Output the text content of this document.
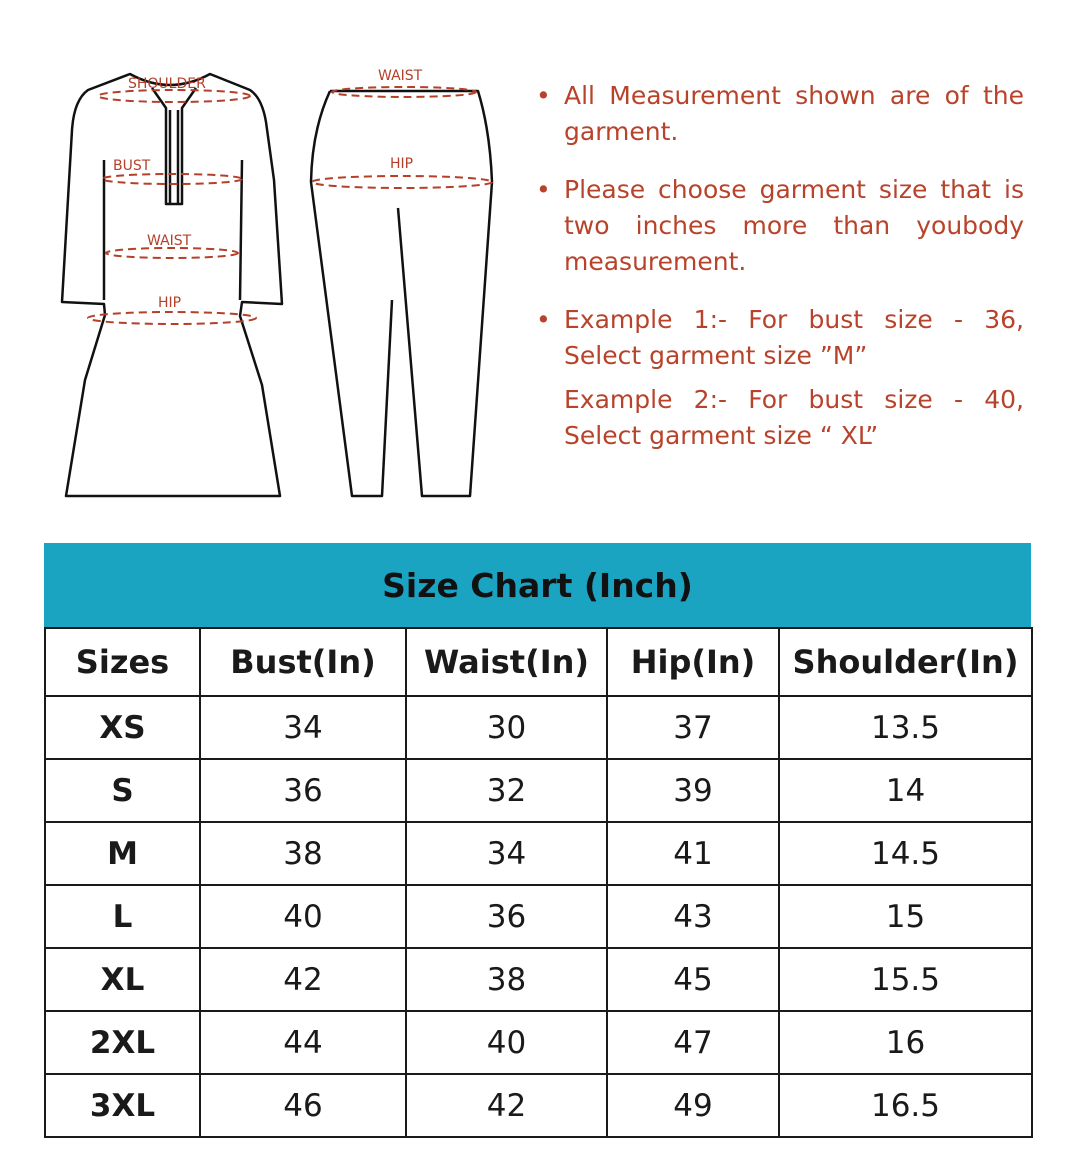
SHOULDER
BUST
WAIST
HIP
WAIST
HIP
• All Measurement shown are of the garment.

• Please choose garment size that is two inches more than youbody measurement.

• Example 1:- For bust size - 36, Select garment size ”M”

Example 2:- For bust size - 40, Select garment size “ XL”

Size Chart (Inch)
Sizes	Bust(In)	Waist(In)	Hip(In)	Shoulder(In)
XS	34	30	37	13.5
S	36	32	39	14
M	38	34	41	14.5
L	40	36	43	15
XL	42	38	45	15.5
2XL	44	40	47	16
3XL	46	42	49	16.5
